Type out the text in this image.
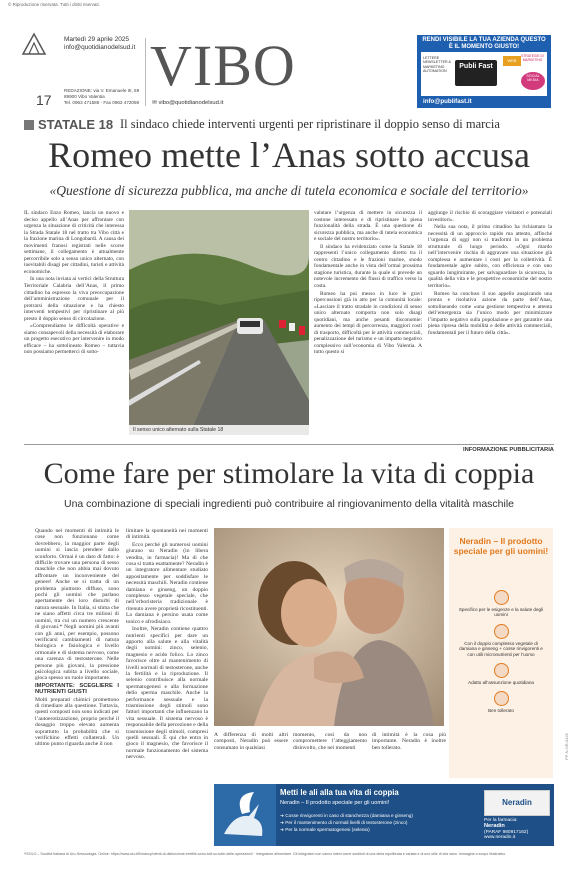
© Riproduzione riservata. Tutti i diritti riservati.
Martedì 29 aprile 2025
info@quotidianodelsud.it
17
REDAZIONE: via V. Emanuele III, 69
89900 Vibo Valentia
Tel. 0963 471586 · Fax 0963 472059
VIBO
✉ vibo@quotidianodelsud.it
RENDI VISIBILE LA TUA AZIENDA QUESTO È IL MOMENTO GIUSTO!
LETTERE NEWSLETTER & MARKETING AUTOMATION
Publi Fast
WEB
SOCIAL MEDIA
STRATEGIE DI MARKETING
info@publifast.it
STATALE 18 Il sindaco chiede interventi urgenti per ripristinare il doppio senso di marcia
Romeo mette l’Anas sotto accusa
«Questione di sicurezza pubblica, ma anche di tutela economica e sociale del territorio»

IL sindaco Enzo Romeo, lancia un nuovo e deciso appello all’Anas per affrontare con urgenza la situazione di criticità che interessa la Strada Statale 18 nel tratto tra Vibo città e la frazione marina di Longobardi. A causa dei movimenti franosi registrati nelle scorse settimane, il collegamento è attualmente percorribile solo a senso unico alternato, con inevitabili disagi per cittadini, turisti e attività economiche.

In una nota inviata ai vertici della Struttura Territoriale Calabria dell’Anas, il primo cittadino ha espresso la viva preoccupazione dell’amministrazione comunale per il protrarsi della situazione e ha chiesto interventi tempestivi per ripristinare al più presto il doppio senso di circolazione.

«Comprendiamo le difficoltà operative e siamo consapevoli della necessità di elaborare un progetto esecutivo per intervenire in modo efficace – ha sottolineato Romeo – tuttavia non possiamo permetterci di sotto-

Il senso unico alternato sulla Statale 18

valutare l’urgenza di mettere in sicurezza il costone interessato e di ripristinare la piena funzionalità della strada. È una questione di sicurezza pubblica, ma anche di tutela economica e sociale del nostro territorio».

Il sindaco ha evidenziato come la Statale 18 rappresenti l’unico collegamento diretto tra il centro cittadino e le frazioni marine, snodo fondamentale anche in vista dell’ormai prossima stagione turistica, durante la quale si prevede un notevole incremento dei flussi di traffico verso la costa.

Romeo ha poi messo in luce le gravi ripercussioni già in atto per la comunità locale: «Lasciare il tratto stradale in condizioni di senso unico alternato comporta non solo disagi quotidiani, ma anche pesanti disconomie: aumento dei tempi di percorrenza, maggiori costi di trasporto, difficoltà per le attività commerciali, penalizzazione del turismo e un impatto negativo complessivo sull’economia di Vibo Valentia. A tutto questo si

aggiunge il rischio di scoraggiare visitatori e potenziali investitori».

Nella sua nota, il primo cittadino ha richiamato la necessità di un approccio rapido ma attento, affinché l’urgenza di oggi non si trasformi in un problema strutturale di lungo periodo. «Ogni ritardo nell’intervenire rischia di aggravare una situazione già complessa e aumentare i costi per la collettività. È fondamentale agire subito, con efficienza e con uno sguardo lungimirante, per salvaguardare la sicurezza, la qualità della vita e le prospettive economiche del nostro territorio».

Romeo ha concluso il suo appello auspicando una pronta e risolutiva azione da parte dell’Anas, sottolineando come «una gestione tempestiva e attenta dell’emergenza sia l’unico modo per minimizzare l’impatto negativo sulla popolazione e per garantire una piena ripresa della mobilità e delle attività commerciali, fondamentali per il futuro della città».

INFORMAZIONE PUBBLICITARIA
Come fare per stimolare la vita di coppia
Una combinazione di speciali ingredienti può contribuire al ringiovanimento della vitalità maschile

Quando nei momenti di intimità le cose non funzionano come dovrebbero, la maggior parte degli uomini si lascia prendere dallo sconforto. Ormai è un dato di fatto: è difficile trovare una persona di sesso maschile che non abbia mai dovuto affrontare un inconveniente del genere! Anche se si tratta di un problema piuttosto diffuso, sono pochi gli uomini che parlano apertamente dei loro disturbi di natura sessuale. In Italia, si stima che ne siano affetti circa tre milioni di uomini, tra cui un numero crescente di giovani.* Negli uomini più avanti con gli anni, per esempio, possono verificarsi cambiamenti di natura biologica e fisiologica e livello ormonale e di sistema nervoso, come una carenza di testosterone. Nelle persone più giovani, la pressione psicologica subita a livello sociale, gioca spesso un ruolo importante.

IMPORTANTE: SCEGLIERE I NUTRIENTI GIUSTI

Molti preparati chimici promettono di rimediare alla questione. Tuttavia, questi composti non sono indicati per l’autoerotizzazione, proprio perché il dosaggio troppo elevato aumenta soprattutto la probabilità che si verifichino effetti collaterali. Un ultimo punto riguarda anche il non

limitare la spontaneità nei momenti di intimità.

Ecco perché gli numerosi uomini giurano su Neradin (in libera vendita, in farmacia)! Ma di che cosa si tratta esattamente? Neradin è un integratore alimentare studiato appositamente per soddisfare le necessità maschili. Neradin contiene damiana e ginseng, un doppio complesso vegetale speciale, che nell’erboristeria tradizionale è ritenuto avere proprietà ricostituenti. La damiana è persino usata come tonico e afrodisiaco.

Inoltre, Neradin contiene quattro nutrienti specifici per dare un apporto alla salute e alla vitalità degli uomini: zinco, selenio, magnesio e acido folico. Lo zinco favorisce oltre al mantenimento di livelli normali di testosterone, anche la fertilità e la riproduzione. Il selenio contribuisce alla normale spermatogenesi e alla formazione dello sperma maschile. Anche la performance sessuale e la trasmissione degli stimoli sono fattori importanti che influenzano la vita sessuale. Il sistema nervoso è responsabile della percezione e della trasmissione degli stimoli, compresi quelli sessuali. È qui che entra in gioco il magnesio, che favorisce il normale funzionamento del sistema nervoso.

A differenza di molti altri composti, Neradin può essere consumato in qualsiasi

momento, così da non compromettere l’atteggiamento disinvolto, che nei momenti

di intimità è la cosa più importante. Neradin è inoltre ben tollerato.

Neradin – Il prodotto speciale per gli uomini!
Specifico per le esigenze e la salute degli uomini
Con il doppio complesso vegetale di damiana e ginseng + cosse rinvigorenti e con utili micronutrienti per l’uomo
Adatto all’assunzione quotidiana
Ben tollerato
Metti le ali alla tua vita di coppia
Neradin – Il prodotto speciale per gli uomini!
➜ Cosse rinvigorenti in caso di stanchezza (damiana e ginseng)
➜ Per il mantenimento di normali livelli di testosterone (zinco)
➜ Per la normale spermatogenesi (selenio)
Neradin
Per la farmacia:
Neradin
(PARAF 980917162)
www.neradin.it
*ISOLO – Società Italiana di Uro-Sessuologia. Online: https://www.siu.it/ll/mancy/utenti-di-disfunzione-erettile-sono-tutt-su-tutte-delle-operazioni/ · Integratore alimentare. Gli integratori non vanno intesi come sostituti di una dieta equilibrata e variata e di uno stile di vita sano. Immagine a scopo illustrativo
PP-N-NR-0425
